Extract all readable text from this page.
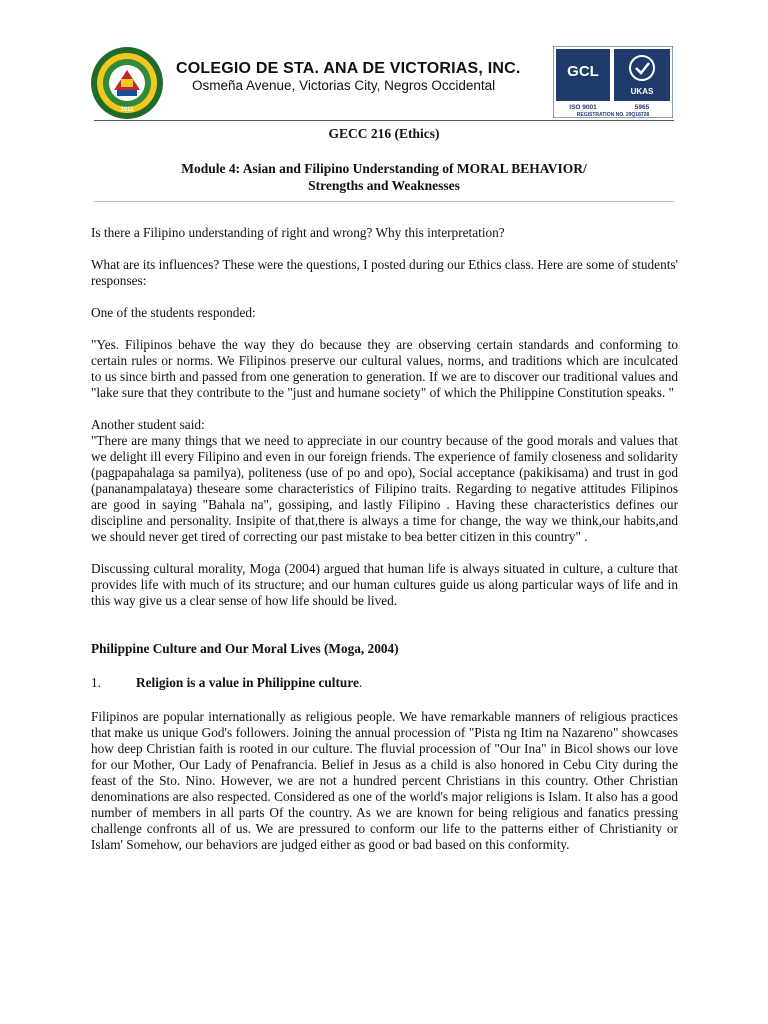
2011
COLEGIO DE STA. ANA DE VICTORIAS, INC.
Osmeña Avenue, Victorias City, Negros Occidental
GCL
UKAS
ISO 9001	5965
REGISTRATION NO. 29Q18728
GECC 216 (Ethics)
Module 4: Asian and Filipino Understanding of MORAL BEHAVIOR/
Strengths and Weaknesses

Is there a Filipino understanding of right and wrong? Why this interpretation?

What are its influences? These were the questions, I posted during our Ethics class. Here are some of students' responses:

One of the students responded:

"Yes. Filipinos behave the way they do because they are observing certain standards and conforming to certain rules or norms. We Filipinos preserve our cultural values, norms, and traditions which are inculcated to us since birth and passed from one generation to generation. If we are to discover our traditional values and "lake sure that they contribute to the "just and humane society" of which the Philippine Constitution speaks. "

Another student said:

"There are many things that we need to appreciate in our country because of the good morals and values that we delight ill every Filipino and even in our foreign friends. The experience of family closeness and solidarity (pagpapahalaga sa pamilya), politeness (use of po and opo), Social acceptance (pakikisama) and trust in god (pananampalataya) theseare some characteristics of Filipino traits. Regarding to negative attitudes Filipinos are good in saying "Bahala na", gossiping, and lastly Filipino . Having these characteristics defines our discipline and personality. Insipite of that,there is always a time for change, the way we think,our habits,and we should never get tired of correcting our past mistake to bea better citizen in this country" .

Discussing cultural morality, Moga (2004) argued that human life is always situated in culture, a culture that provides life with much of its structure; and our human cultures guide us along particular ways of life and in this way give us a clear sense of how life should be lived.

Philippine Culture and Our Moral Lives (Moga, 2004)
1.	Religion is a value in Philippine culture.

Filipinos are popular internationally as religious people. We have remarkable manners of religious practices that make us unique God's followers. Joining the annual procession of "Pista ng Itim na Nazareno" showcases how deep Christian faith is rooted in our culture. The fluvial procession of "Our Ina" in Bicol shows our love for our Mother, Our Lady of Penafrancia. Belief in Jesus as a child is also honored in Cebu City during the feast of the Sto. Nino. However, we are not a hundred percent Christians in this country. Other Christian denominations are also respected. Considered as one of the world's major religions is Islam. It also has a good number of members in all parts Of the country. As we are known for being religious and fanatics pressing challenge confronts all of us. We are pressured to conform our life to the patterns either of Christianity or Islam' Somehow, our behaviors are judged either as good or bad based on this conformity.
